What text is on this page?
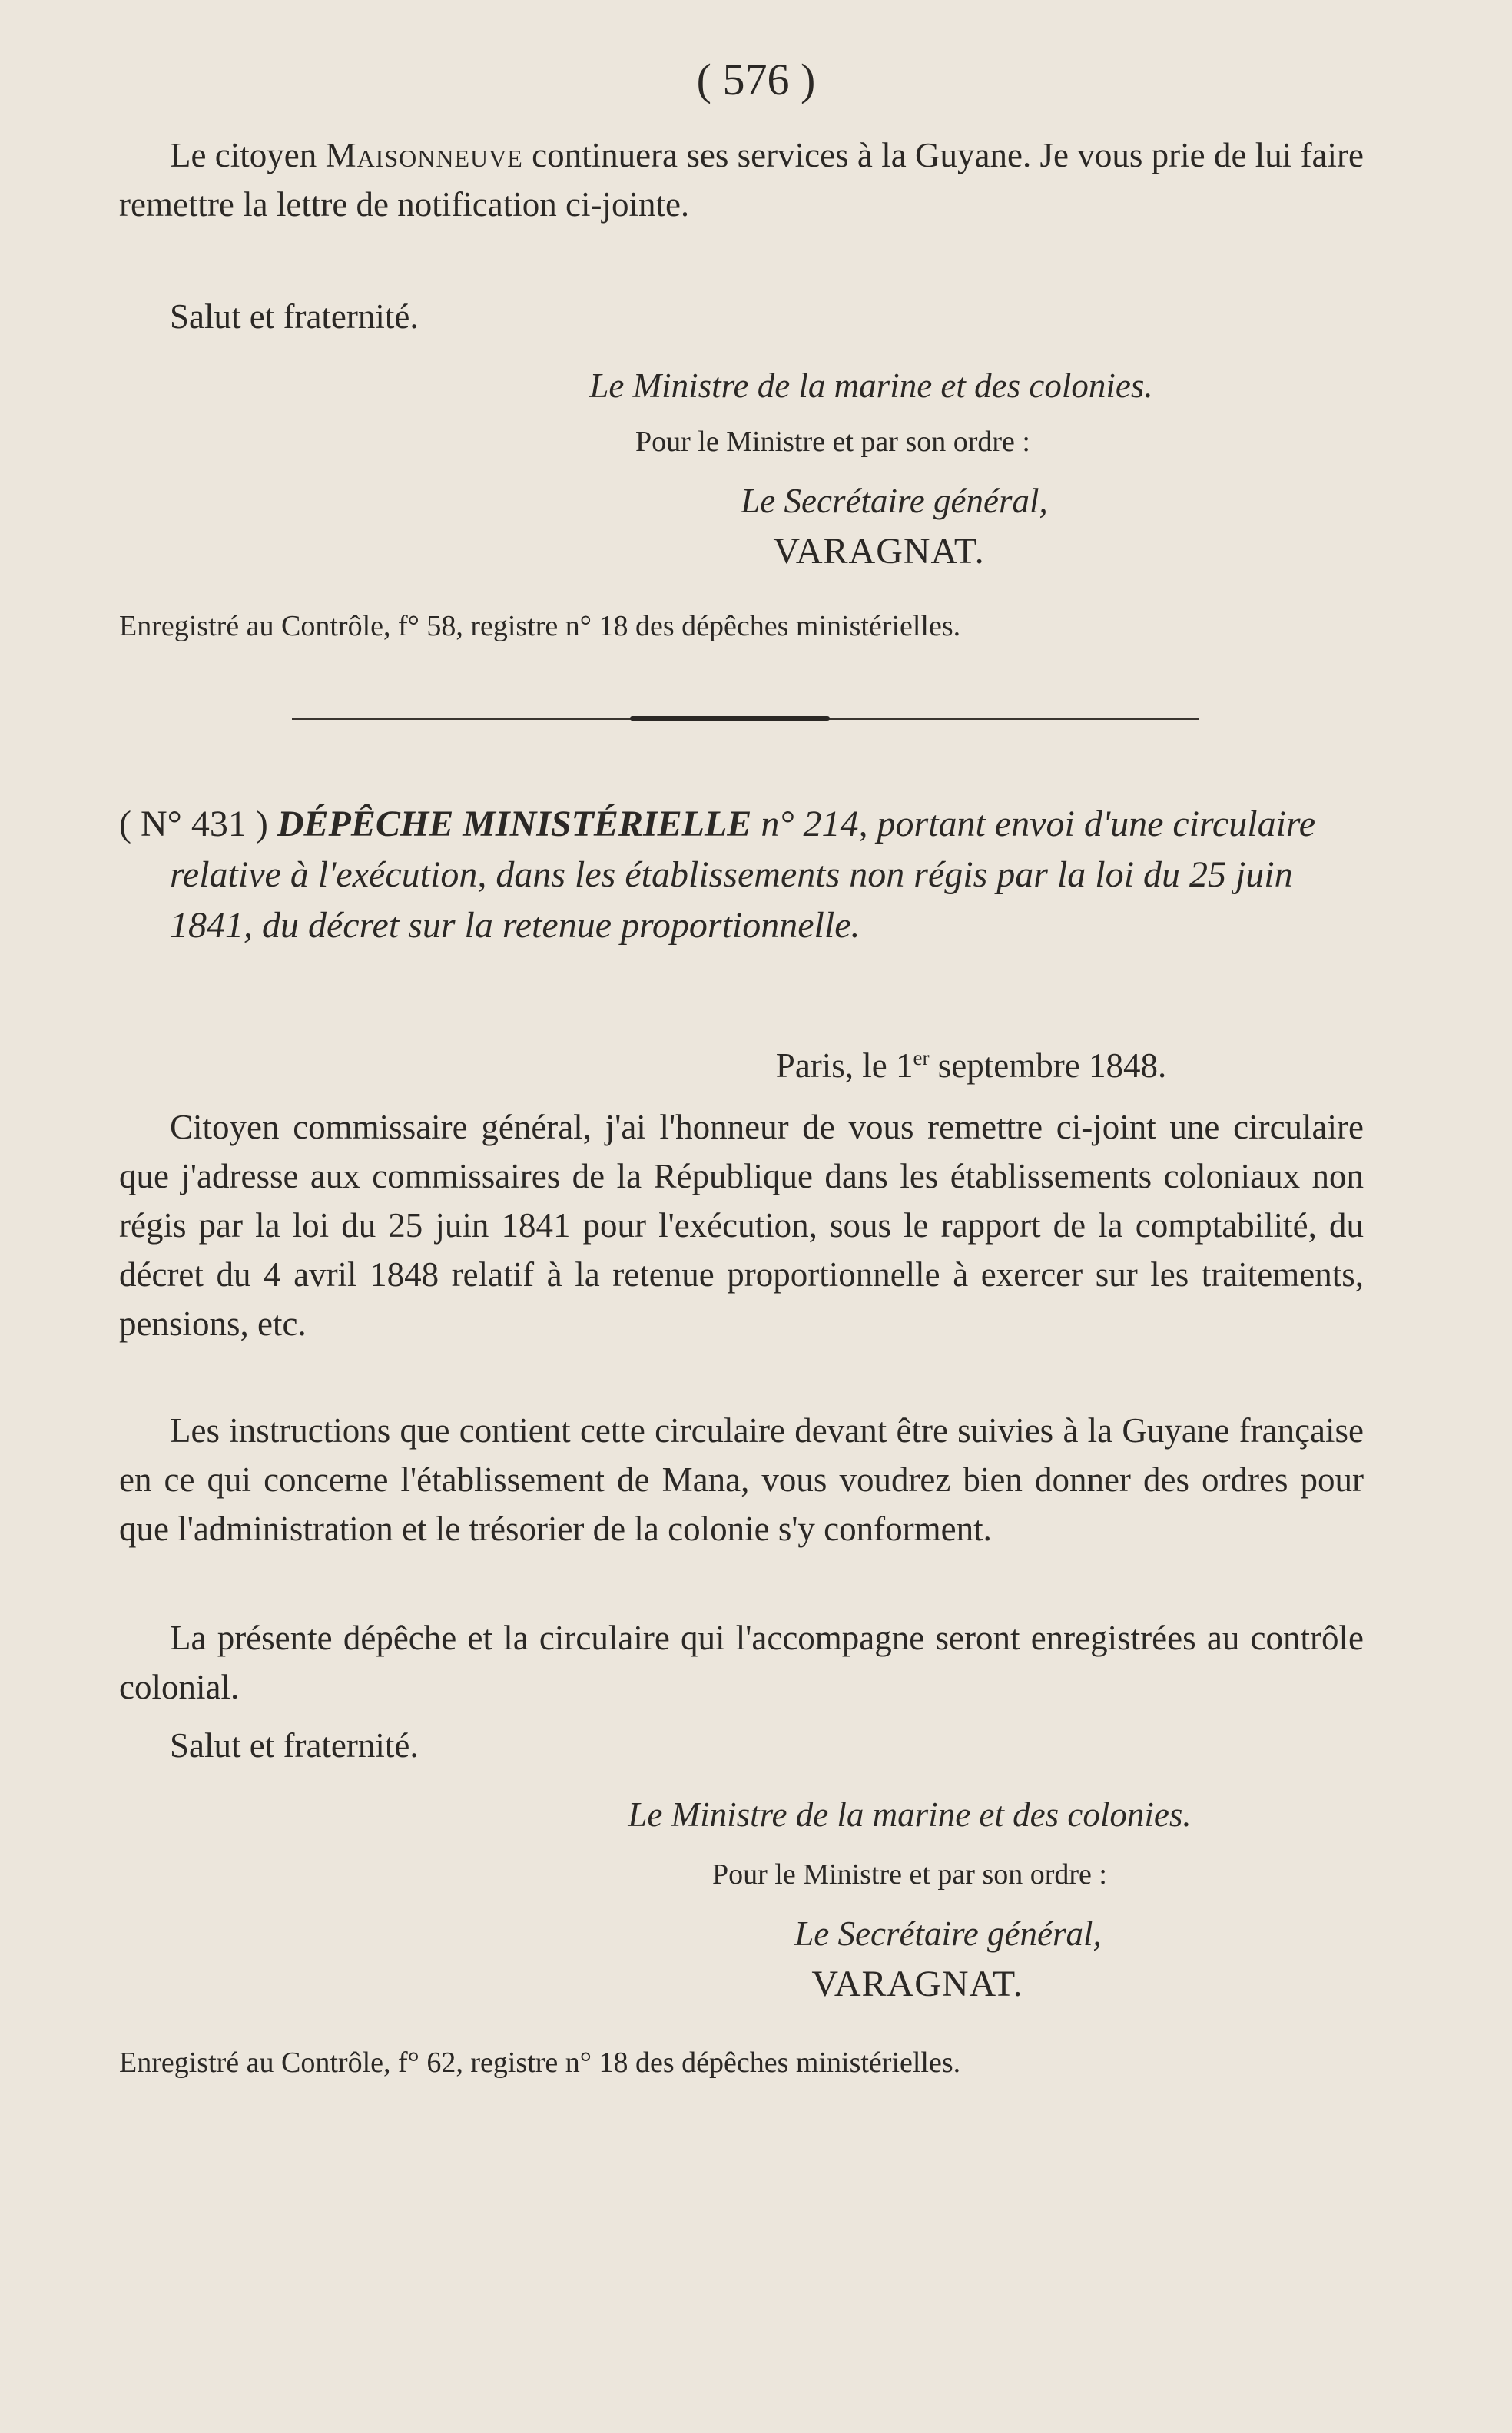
( 576 )
Le citoyen Maisonneuve continuera ses services à la Guyane. Je vous prie de lui faire remettre la lettre de notification ci-jointe.
Salut et fraternité.
Le Ministre de la marine et des colonies.
Pour le Ministre et par son ordre :
Le Secrétaire général,
VARAGNAT.
Enregistré au Contrôle, f° 58, registre n° 18 des dépêches ministérielles.

( N° 431 ) DÉPÊCHE MINISTÉRIELLE n° 214, portant envoi d'une circulaire relative à l'exécution, dans les établissements non régis par la loi du 25 juin 1841, du décret sur la retenue proportionnelle.

Paris, le 1er septembre 1848.
Citoyen commissaire général, j'ai l'honneur de vous remettre ci-joint une circulaire que j'adresse aux commissaires de la République dans les établissements coloniaux non régis par la loi du 25 juin 1841 pour l'exécution, sous le rapport de la comptabilité, du décret du 4 avril 1848 relatif à la retenue proportionnelle à exercer sur les traitements, pensions, etc.
Les instructions que contient cette circulaire devant être suivies à la Guyane française en ce qui concerne l'établissement de Mana, vous voudrez bien donner des ordres pour que l'administration et le trésorier de la colonie s'y conforment.
La présente dépêche et la circulaire qui l'accompagne seront enregistrées au contrôle colonial.
Salut et fraternité.
Le Ministre de la marine et des colonies.
Pour le Ministre et par son ordre :
Le Secrétaire général,
VARAGNAT.
Enregistré au Contrôle, f° 62, registre n° 18 des dépêches ministérielles.
